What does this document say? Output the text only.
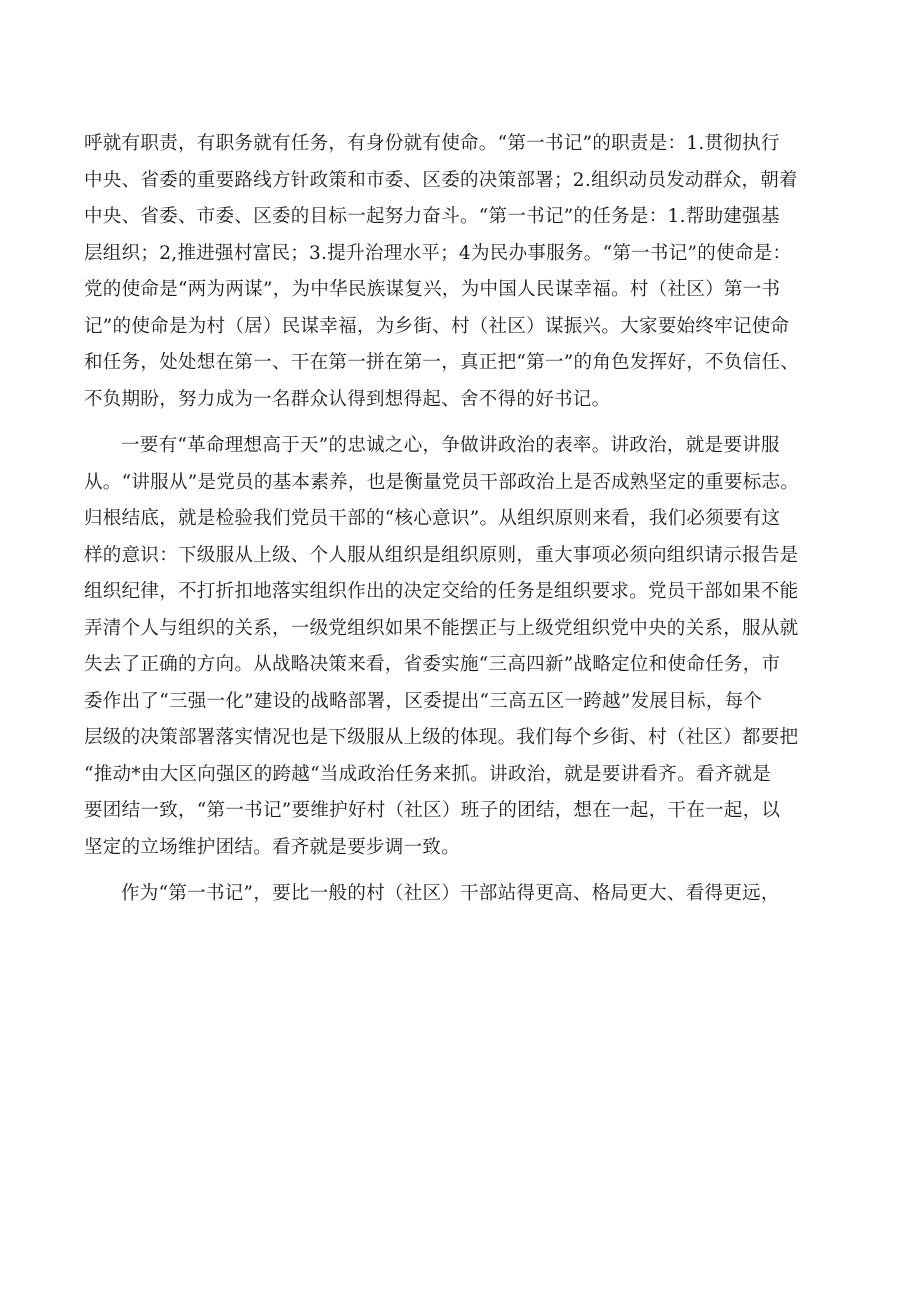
呼就有职责，有职务就有任务，有身份就有使命。“第一书记”的职责是：1.贯彻执行
中央、省委的重要路线方针政策和市委、区委的决策部署；2.组织动员发动群众，朝着
中央、省委、市委、区委的目标一起努力奋斗。“第一书记”的任务是：1.帮助建强基
层组织；2,推进强村富民；3.提升治理水平；4为民办事服务。“第一书记”的使命是：
党的使命是“两为两谋”，为中华民族谋复兴，为中国人民谋幸福。村（社区）第一书
记”的使命是为村（居）民谋幸福，为乡街、村（社区）谋振兴。大家要始终牢记使命
和任务，处处想在第一、干在第一拼在第一，真正把“第一”的角色发挥好，不负信任、
不负期盼，努力成为一名群众认得到想得起、舍不得的好书记。
一要有“革命理想高于天”的忠诚之心，争做讲政治的表率。讲政治，就是要讲服
从。“讲服从”是党员的基本素养，也是衡量党员干部政治上是否成熟坚定的重要标志。
归根结底，就是检验我们党员干部的“核心意识”。从组织原则来看，我们必须要有这
样的意识：下级服从上级、个人服从组织是组织原则，重大事项必须向组织请示报告是
组织纪律，不打折扣地落实组织作出的决定交给的任务是组织要求。党员干部如果不能
弄清个人与组织的关系，一级党组织如果不能摆正与上级党组织党中央的关系，服从就
失去了正确的方向。从战略决策来看，省委实施“三高四新”战略定位和使命任务，市
委作出了“三强一化”建设的战略部署，区委提出“三高五区一跨越”发展目标，每个
层级的决策部署落实情况也是下级服从上级的体现。我们每个乡街、村（社区）都要把
“推动*由大区向强区的跨越“当成政治任务来抓。讲政治，就是要讲看齐。看齐就是
要团结一致，“第一书记”要维护好村（社区）班子的团结，想在一起，干在一起，以
坚定的立场维护团结。看齐就是要步调一致。
作为“第一书记”，要比一般的村（社区）干部站得更高、格局更大、看得更远，
